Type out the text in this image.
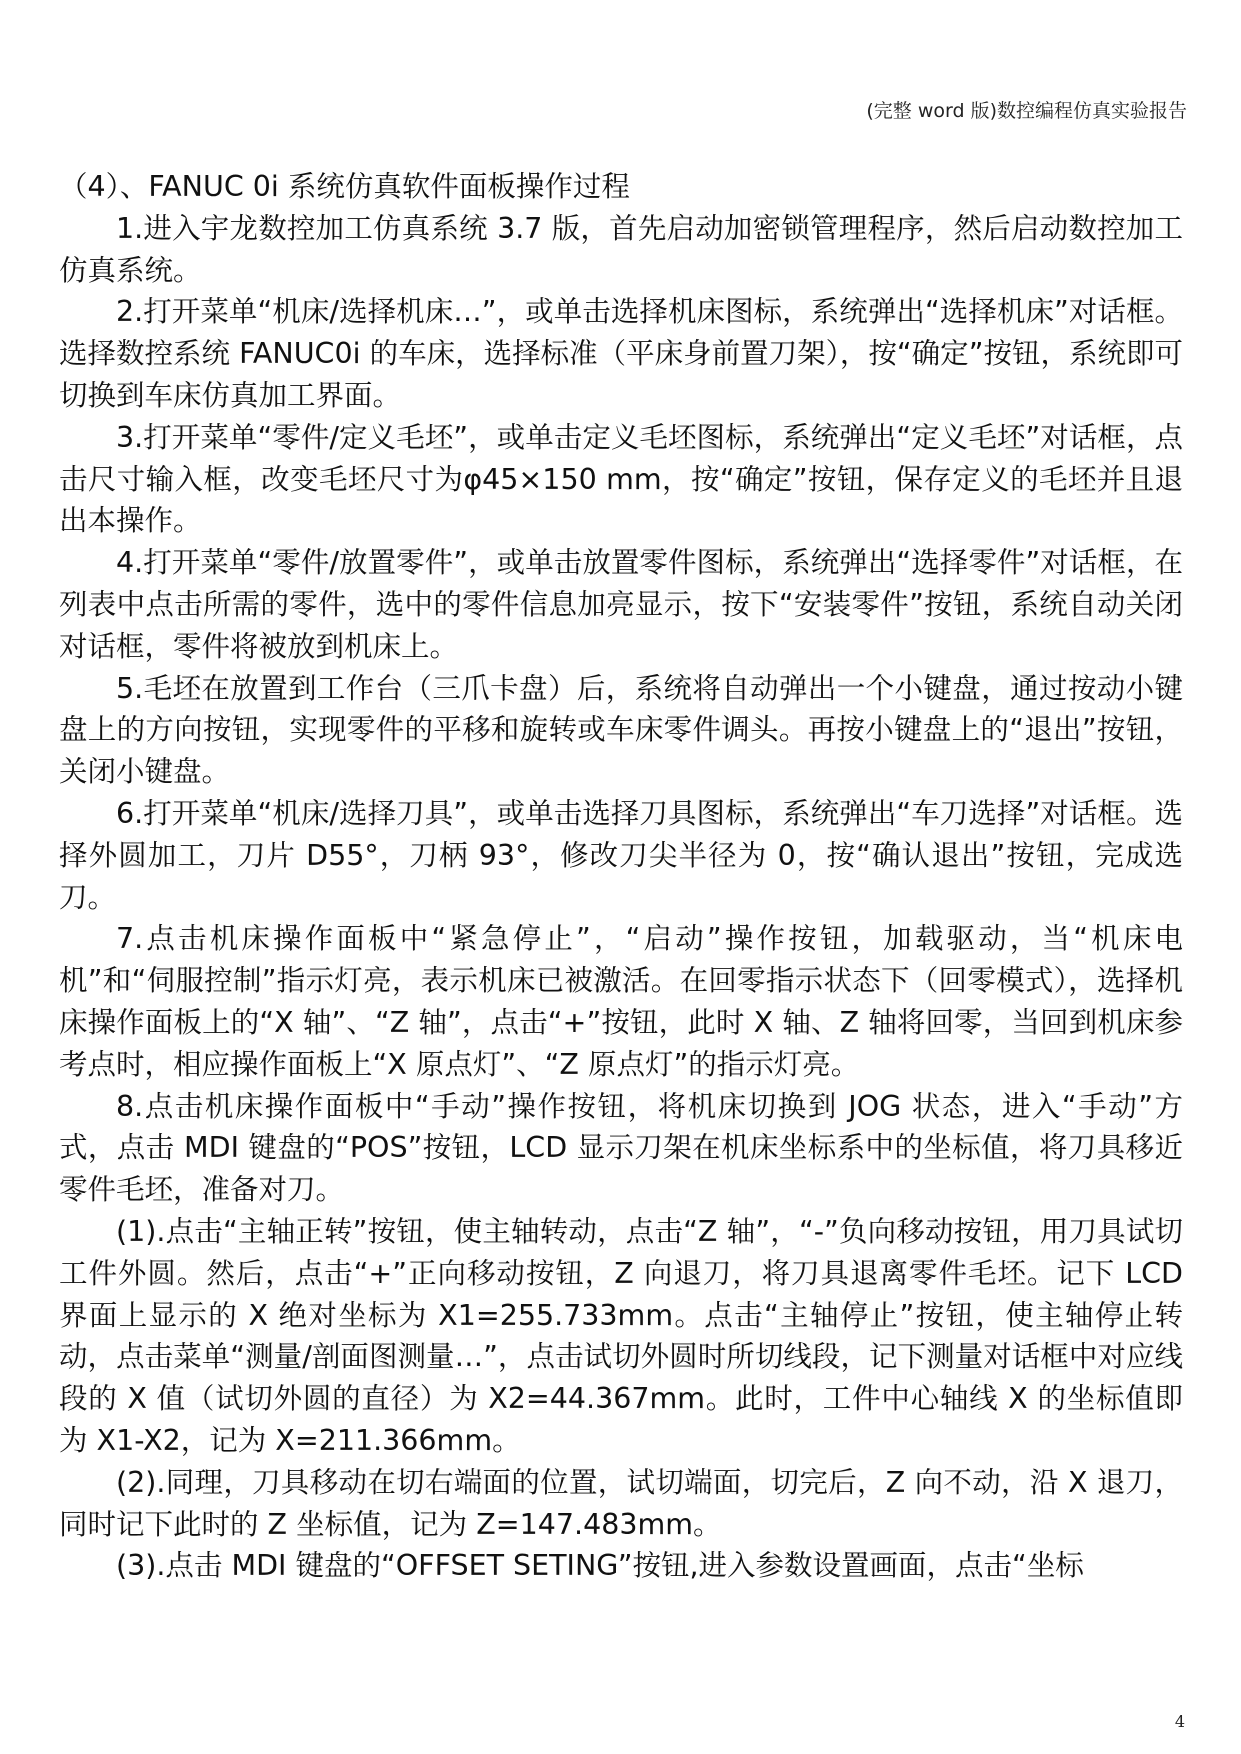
(完整 word 版)数控编程仿真实验报告
（4）、FANUC 0i 系统仿真软件面板操作过程

1.进入宇龙数控加工仿真系统 3.7 版，首先启动加密锁管理程序，然后启动数控加工仿真系统。

2.打开菜单“机床/选择机床…”，或单击选择机床图标，系统弹出“选择机床”对话框。选择数控系统 FANUC0i 的车床，选择标准（平床身前置刀架），按“确定”按钮，系统即可切换到车床仿真加工界面。

3.打开菜单“零件/定义毛坯”，或单击定义毛坯图标，系统弹出“定义毛坯”对话框，点击尺寸输入框，改变毛坯尺寸为φ45×150 mm，按“确定”按钮，保存定义的毛坯并且退出本操作。

4.打开菜单“零件/放置零件”，或单击放置零件图标，系统弹出“选择零件”对话框，在列表中点击所需的零件，选中的零件信息加亮显示，按下“安装零件”按钮，系统自动关闭对话框，零件将被放到机床上。

5.毛坯在放置到工作台（三爪卡盘）后，系统将自动弹出一个小键盘，通过按动小键盘上的方向按钮，实现零件的平移和旋转或车床零件调头。再按小键盘上的“退出”按钮，关闭小键盘。

6.打开菜单“机床/选择刀具”，或单击选择刀具图标，系统弹出“车刀选择”对话框。选择外圆加工，刀片 D55°，刀柄 93°，修改刀尖半径为 0，按“确认退出”按钮，完成选刀。

7.点击机床操作面板中“紧急停止”，“启动”操作按钮，加载驱动，当“机床电机”和“伺服控制”指示灯亮，表示机床已被激活。在回零指示状态下（回零模式），选择机床操作面板上的“X 轴”、“Z 轴”，点击“+”按钮，此时 X 轴、Z 轴将回零，当回到机床参考点时，相应操作面板上“X 原点灯”、“Z 原点灯”的指示灯亮。

8.点击机床操作面板中“手动”操作按钮，将机床切换到 JOG 状态，进入“手动”方式，点击 MDI 键盘的“POS”按钮，LCD 显示刀架在机床坐标系中的坐标值，将刀具移近零件毛坯，准备对刀。

(1).点击“主轴正转”按钮，使主轴转动，点击“Z 轴”，“-”负向移动按钮，用刀具试切工件外圆。然后，点击“+”正向移动按钮，Z 向退刀，将刀具退离零件毛坯。记下 LCD 界面上显示的 X 绝对坐标为 X1=255.733mm。点击“主轴停止”按钮，使主轴停止转动，点击菜单“测量/剖面图测量…”，点击试切外圆时所切线段，记下测量对话框中对应线段的 X 值（试切外圆的直径）为 X2=44.367mm。此时，工件中心轴线 X 的坐标值即为 X1-X2，记为 X=211.366mm。

(2).同理，刀具移动在切右端面的位置，试切端面，切完后，Z 向不动，沿 X 退刀，同时记下此时的 Z 坐标值，记为 Z=147.483mm。

(3).点击 MDI 键盘的“OFFSET SETING”按钮,进入参数设置画面，点击“坐标

4
